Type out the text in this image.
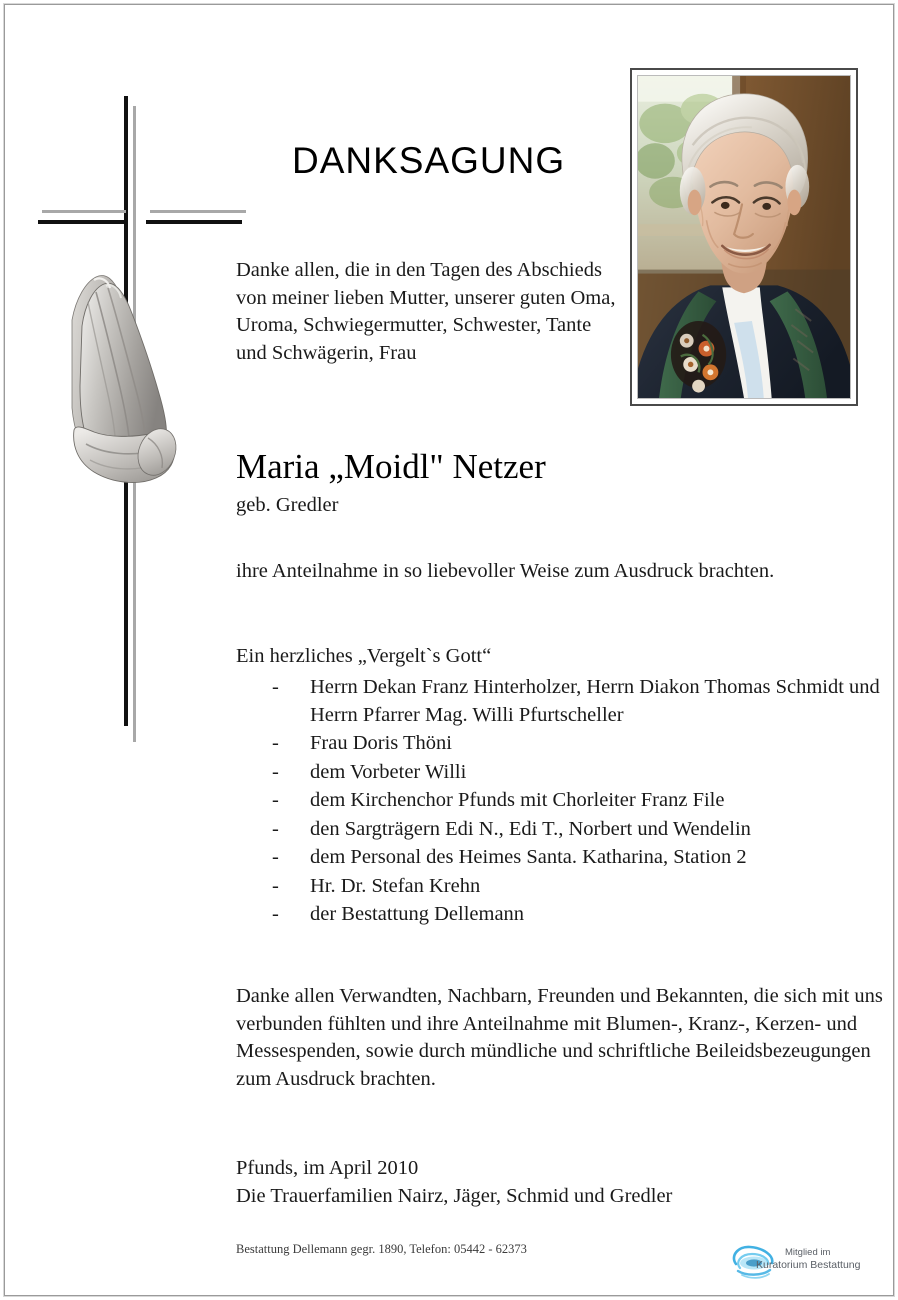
DANKSAGUNG
Danke allen, die in den Tagen des Abschieds von meiner lieben Mutter, unserer guten Oma, Uroma, Schwiegermutter, Schwester, Tante und Schwägerin, Frau
Maria „Moidl" Netzer
geb. Gredler
ihre Anteilnahme in so liebevoller Weise zum Ausdruck brachten.
Ein herzliches „Vergelt`s Gott“
- Herrn Dekan Franz Hinterholzer, Herrn Diakon Thomas Schmidt und Herrn Pfarrer Mag. Willi Pfurtscheller
- Frau Doris Thöni
- dem Vorbeter Willi
- dem Kirchenchor Pfunds mit Chorleiter Franz File
- den Sargträgern Edi N., Edi T., Norbert und Wendelin
- dem Personal des Heimes Santa. Katharina, Station 2
- Hr. Dr. Stefan Krehn
- der Bestattung Dellemann
Danke allen Verwandten, Nachbarn, Freunden und Bekannten, die sich mit uns verbunden fühlten und ihre Anteilnahme mit Blumen-, Kranz-, Kerzen- und Messespenden, sowie durch mündliche und schriftliche Beileidsbezeugungen zum Ausdruck brachten.
Pfunds, im April 2010
Die Trauerfamilien Nairz, Jäger, Schmid und Gredler
Bestattung Dellemann gegr. 1890, Telefon: 05442 - 62373	Mitglied im
Kuratorium Bestattung
